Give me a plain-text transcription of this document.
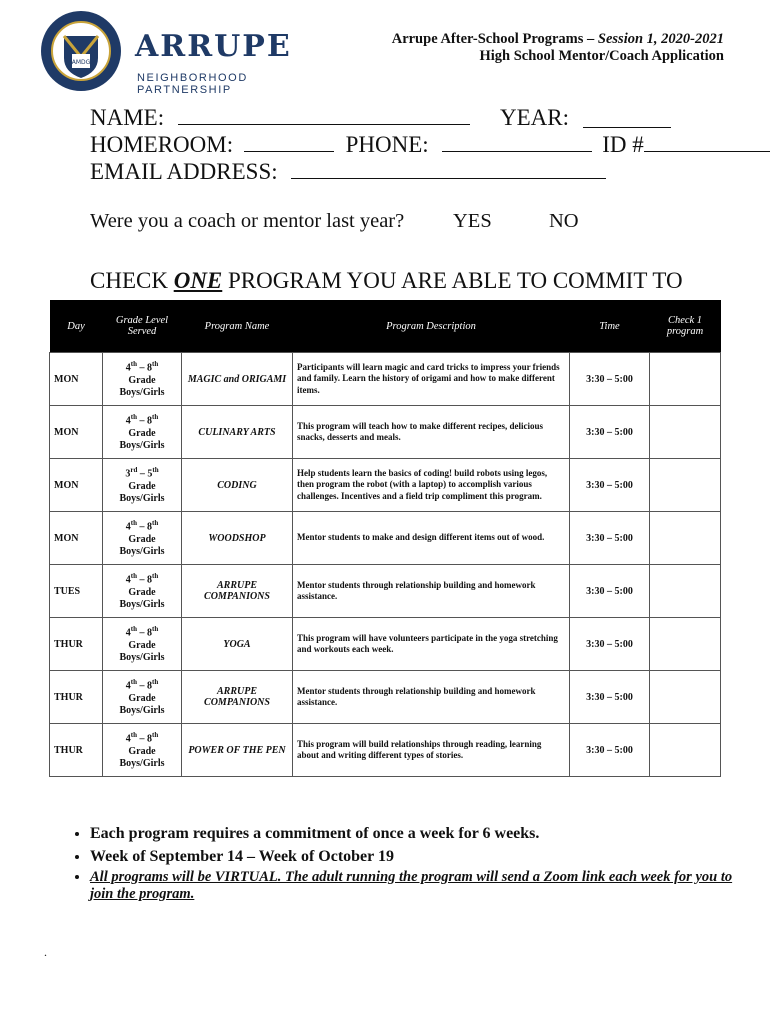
AMDG ARRUPE
NEIGHBORHOOD PARTNERSHIP
Arrupe After-School Programs – Session 1, 2020-2021
High School Mentor/Coach Application
NAME:	YEAR:
HOMEROOM:	PHONE:	ID #
EMAIL ADDRESS:
Were you a coach or mentor last year? YES	NO
CHECK ONE PROGRAM YOU ARE ABLE TO COMMIT TO
Day	Grade Level Served	Program Name	Program Description	Time	Check 1 program
MON	4th – 8th
Grade
Boys/Girls	MAGIC and ORIGAMI	Participants will learn magic and card tricks to impress your friends and family. Learn the history of origami and how to make different items.	3:30 – 5:00	
MON	4th – 8th
Grade
Boys/Girls	CULINARY ARTS	This program will teach how to make different recipes, delicious snacks, desserts and meals.	3:30 – 5:00	
MON	3rd – 5th
Grade
Boys/Girls	CODING	Help students learn the basics of coding! build robots using legos, then program the robot (with a laptop) to accomplish various challenges. Incentives and a field trip compliment this program.	3:30 – 5:00	
MON	4th – 8th
Grade
Boys/Girls	WOODSHOP	Mentor students to make and design different items out of wood.	3:30 – 5:00	
TUES	4th – 8th
Grade
Boys/Girls	ARRUPE COMPANIONS	Mentor students through relationship building and homework assistance.	3:30 – 5:00	
THUR	4th – 8th
Grade
Boys/Girls	YOGA	This program will have volunteers participate in the yoga stretching and workouts each week.	3:30 – 5:00	
THUR	4th – 8th
Grade
Boys/Girls	ARRUPE COMPANIONS	Mentor students through relationship building and homework assistance.	3:30 – 5:00	
THUR	4th – 8th
Grade
Boys/Girls	POWER OF THE PEN	This program will build relationships through reading, learning about and writing different types of stories.	3:30 – 5:00	
• Each program requires a commitment of once a week for 6 weeks.
• Week of September 14 – Week of October 19
• All programs will be VIRTUAL. The adult running the program will send a Zoom link each week for you to join the program.
.
